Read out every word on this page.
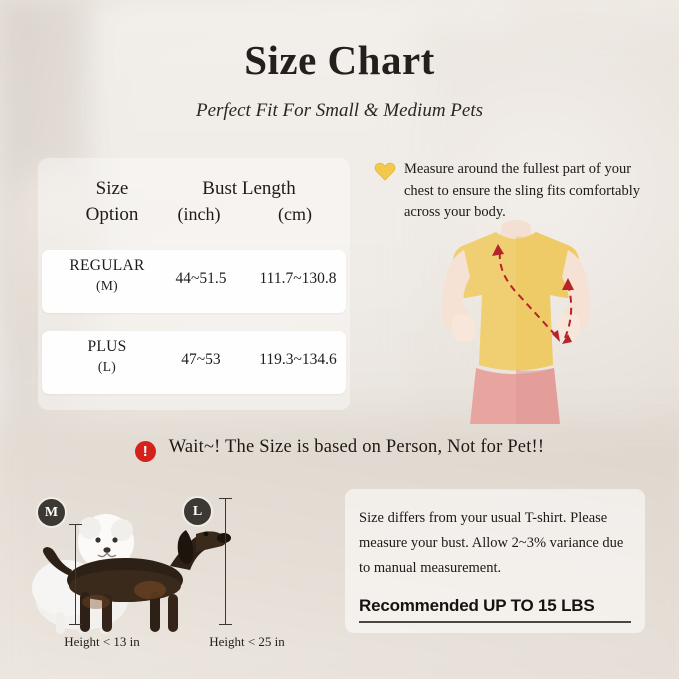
Size Chart
Perfect Fit For Small & Medium Pets
Size
Option
Bust Length
(inch)	(cm)
REGULAR
(M)	44~51.5	111.7~130.8
PLUS
(L)	47~53	119.3~134.6
Measure around the fullest part of your chest to ensure the sling fits comfortably across your body.
! Wait~! The Size is based on Person, Not for Pet!!
M	L
Height < 13 in	Height < 25 in
Size differs from your usual T-shirt. Please measure your bust. Allow 2~3% variance due to manual measurement.
Recommended UP TO 15 LBS
